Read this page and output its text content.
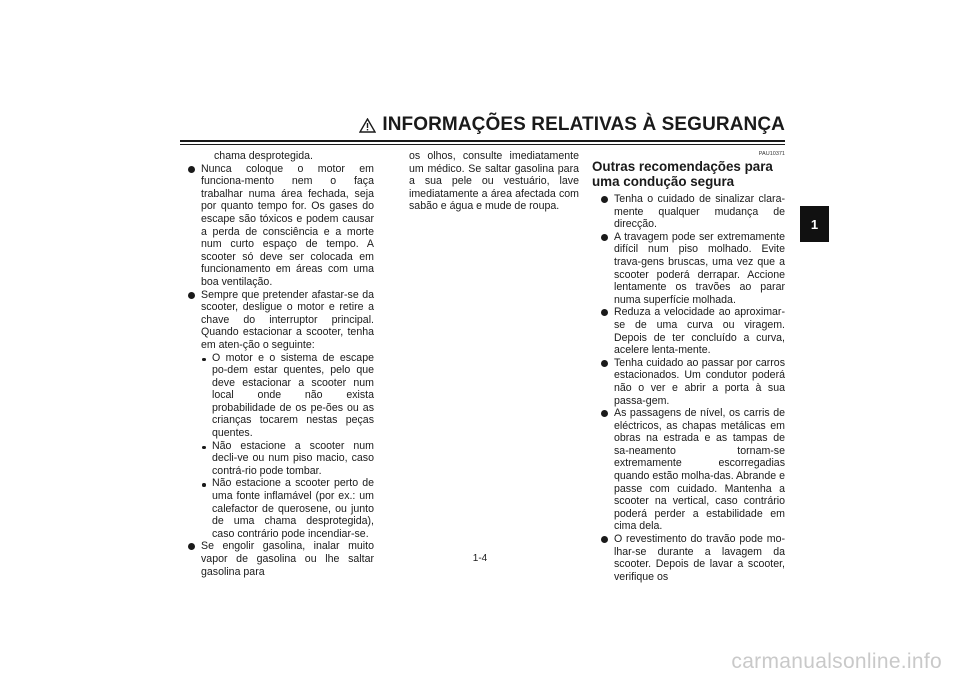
INFORMAÇÕES RELATIVAS À SEGURANÇA
1

chama desprotegida.

Nunca coloque o motor em funciona-mento nem o faça trabalhar numa área fechada, seja por quanto tempo for. Os gases do escape são tóxicos e podem causar a perda de consciência e a morte num curto espaço de tempo. A scooter só deve ser colocada em funcionamento em áreas com uma boa ventilação.

Sempre que pretender afastar-se da scooter, desligue o motor e retire a chave do interruptor principal. Quando estacionar a scooter, tenha em aten-ção o seguinte:

O motor e o sistema de escape po-dem estar quentes, pelo que deve estacionar a scooter num local onde não exista probabilidade de os pe-ões ou as crianças tocarem nestas peças quentes.

Não estacione a scooter num decli-ve ou num piso macio, caso contrá-rio pode tombar.

Não estacione a scooter perto de uma fonte inflamável (por ex.: um calefactor de querosene, ou junto de uma chama desprotegida), caso contrário pode incendiar-se.

Se engolir gasolina, inalar muito vapor de gasolina ou lhe saltar gasolina para

os olhos, consulte imediatamente um médico. Se saltar gasolina para a sua pele ou vestuário, lave imediatamente a área afectada com sabão e água e mude de roupa.

PAU10371
Outras recomendações para uma condução segura

Tenha o cuidado de sinalizar clara-mente qualquer mudança de direcção.

A travagem pode ser extremamente difícil num piso molhado. Evite trava-gens bruscas, uma vez que a scooter poderá derrapar. Accione lentamente os travões ao parar numa superfície molhada.

Reduza a velocidade ao aproximar-se de uma curva ou viragem. Depois de ter concluído a curva, acelere lenta-mente.

Tenha cuidado ao passar por carros estacionados. Um condutor poderá não o ver e abrir a porta à sua passa-gem.

As passagens de nível, os carris de eléctricos, as chapas metálicas em obras na estrada e as tampas de sa-neamento tornam-se extremamente escorregadias quando estão molha-das. Abrande e passe com cuidado. Mantenha a scooter na vertical, caso contrário poderá perder a estabilidade em cima dela.

O revestimento do travão pode mo-lhar-se durante a lavagem da scooter. Depois de lavar a scooter, verifique os

1-4
carmanualsonline.info
